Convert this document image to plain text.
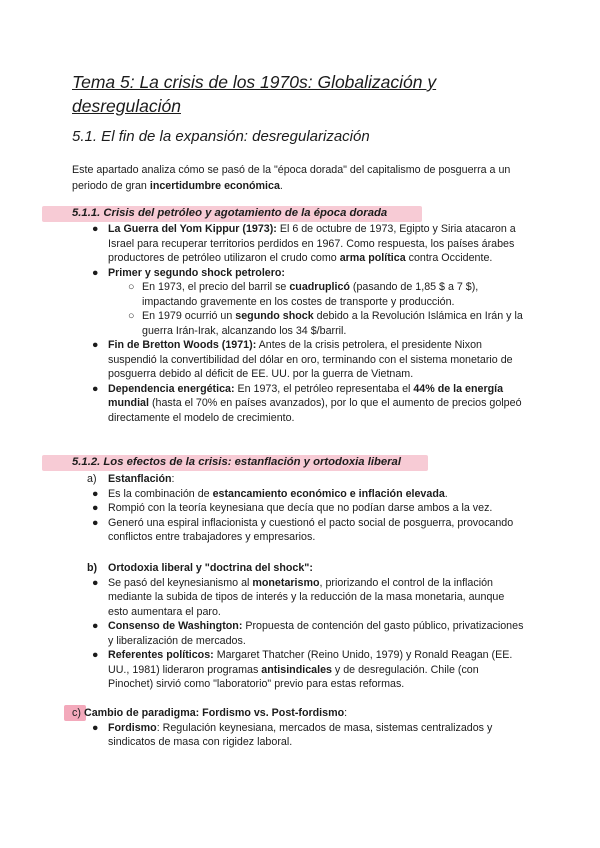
Tema 5: La crisis de los 1970s: Globalización y desregulación
5.1. El fin de la expansión: desregularización

Este apartado analiza cómo se pasó de la "época dorada" del capitalismo de posguerra a un periodo de gran incertidumbre económica.

5.1.1. Crisis del petróleo y agotamiento de la época dorada

● La Guerra del Yom Kippur (1973): El 6 de octubre de 1973, Egipto y Siria atacaron a Israel para recuperar territorios perdidos en 1967. Como respuesta, los países árabes productores de petróleo utilizaron el crudo como arma política contra Occidente.

● Primer y segundo shock petrolero:

○ En 1973, el precio del barril se cuadruplicó (pasando de 1,85 $ a 7 $), impactando gravemente en los costes de transporte y producción.

○ En 1979 ocurrió un segundo shock debido a la Revolución Islámica en Irán y la guerra Irán-Irak, alcanzando los 34 $/barril.

● Fin de Bretton Woods (1971): Antes de la crisis petrolera, el presidente Nixon suspendió la convertibilidad del dólar en oro, terminando con el sistema monetario de posguerra debido al déficit de EE. UU. por la guerra de Vietnam.

● Dependencia energética: En 1973, el petróleo representaba el 44% de la energía mundial (hasta el 70% en países avanzados), por lo que el aumento de precios golpeó directamente el modelo de crecimiento.

5.1.2. Los efectos de la crisis: estanflación y ortodoxia liberal

a) Estanflación:

● Es la combinación de estancamiento económico e inflación elevada.

● Rompió con la teoría keynesiana que decía que no podían darse ambos a la vez.

● Generó una espiral inflacionista y cuestionó el pacto social de posguerra, provocando conflictos entre trabajadores y empresarios.

b) Ortodoxia liberal y "doctrina del shock":

● Se pasó del keynesianismo al monetarismo, priorizando el control de la inflación mediante la subida de tipos de interés y la reducción de la masa monetaria, aunque esto aumentara el paro.

● Consenso de Washington: Propuesta de contención del gasto público, privatizaciones y liberalización de mercados.

● Referentes políticos: Margaret Thatcher (Reino Unido, 1979) y Ronald Reagan (EE. UU., 1981) lideraron programas antisindicales y de desregulación. Chile (con Pinochet) sirvió como "laboratorio" previo para estas reformas.

c) Cambio de paradigma: Fordismo vs. Post-fordismo:

● Fordismo: Regulación keynesiana, mercados de masa, sistemas centralizados y sindicatos de masa con rigidez laboral.
